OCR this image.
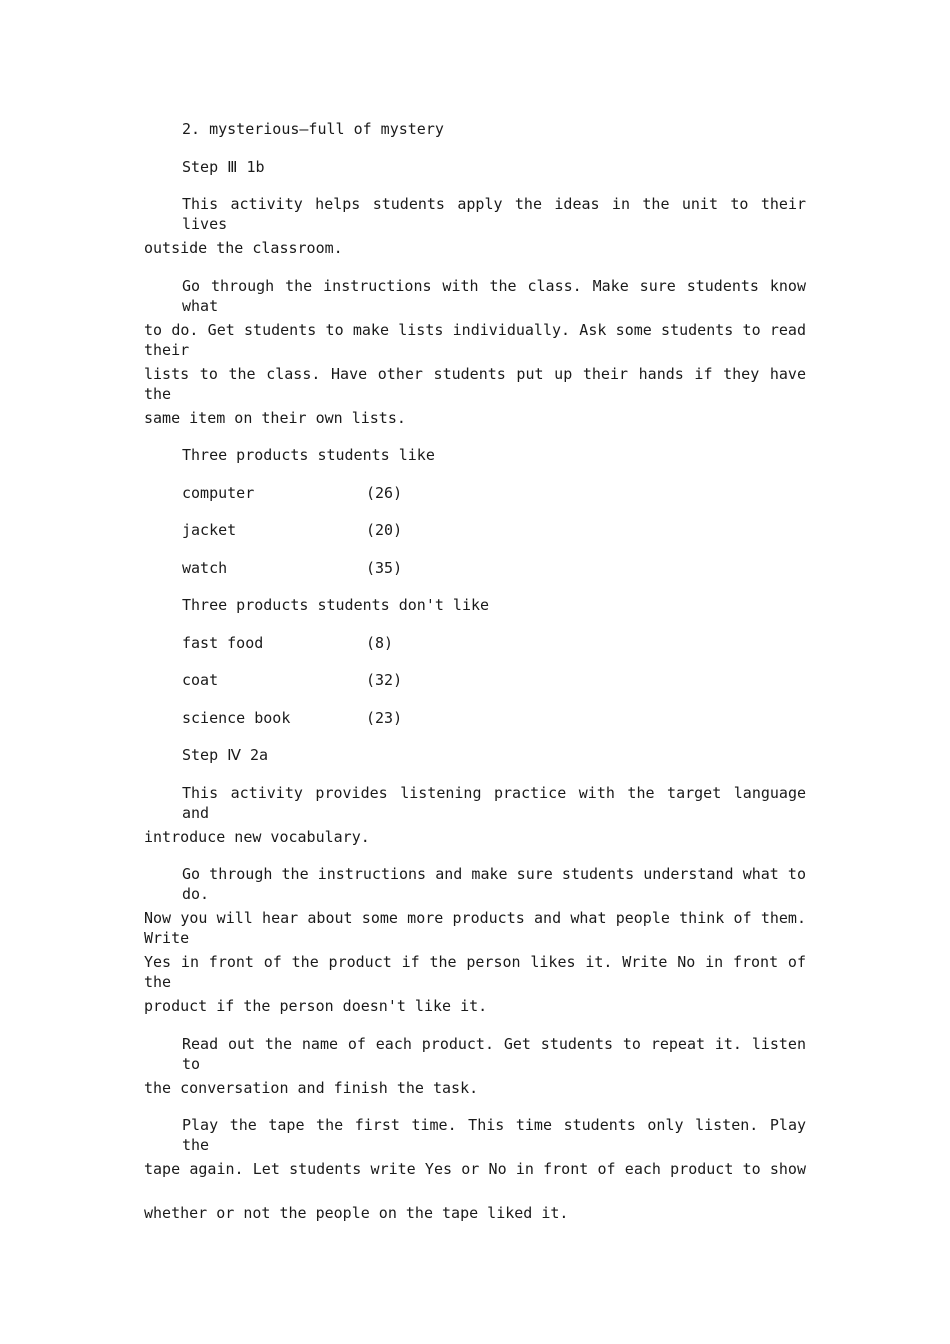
2. mysterious—full of mystery
Step Ⅲ 1b
This activity helps students apply the ideas in the unit to their lives
outside the classroom.
Go through the instructions with the class. Make sure students know what
to do. Get students to make lists individually. Ask some students to read their
lists to the class. Have other students put up their hands if they have the
same item on their own lists.
Three products students like
computer	(26)
jacket	(20)
watch	(35)
Three products students don't like
fast food	(8)
coat	(32)
science book	(23)
Step Ⅳ 2a
This activity provides listening practice with the target language and
introduce new vocabulary.
Go through the instructions and make sure students understand what to do.
Now you will hear about some more products and what people think of them. Write
Yes in front of the product if the person likes it. Write No in front of the
product if the person doesn't like it.
Read out the name of each product. Get students to repeat it. listen to
the conversation and finish the task.
Play the tape the first time. This time students only listen. Play the
tape again. Let students write Yes or No in front of each product to show
whether or not the people on the tape liked it.
